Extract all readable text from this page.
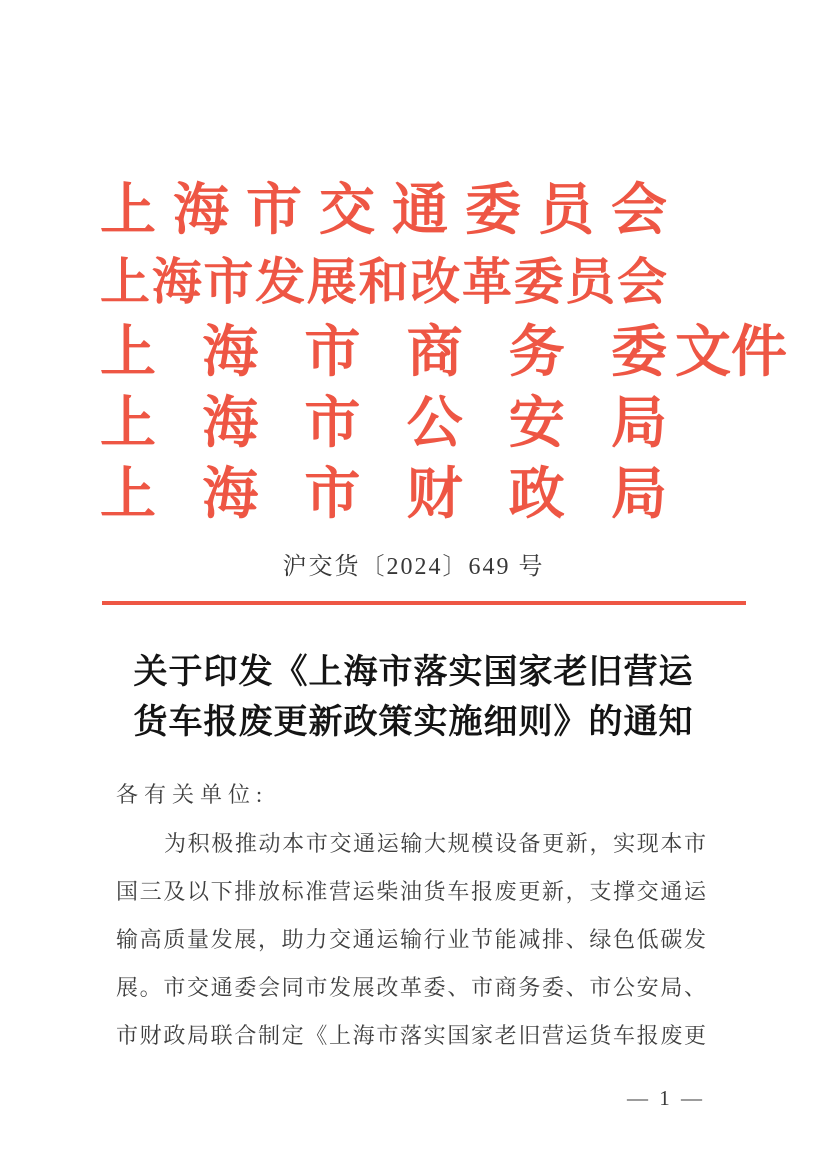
上海市交通委员会
上海市发展和改革委员会
上海市商务委
上海市公安局
上海市财政局
文件
沪交货〔2024〕649 号
关于印发《上海市落实国家老旧营运
货车报废更新政策实施细则》的通知
各有关单位:
为积极推动本市交通运输大规模设备更新，实现本市
国三及以下排放标准营运柴油货车报废更新，支撑交通运
输高质量发展，助力交通运输行业节能减排、绿色低碳发
展。市交通委会同市发展改革委、市商务委、市公安局、
市财政局联合制定《上海市落实国家老旧营运货车报废更
— 1 —
